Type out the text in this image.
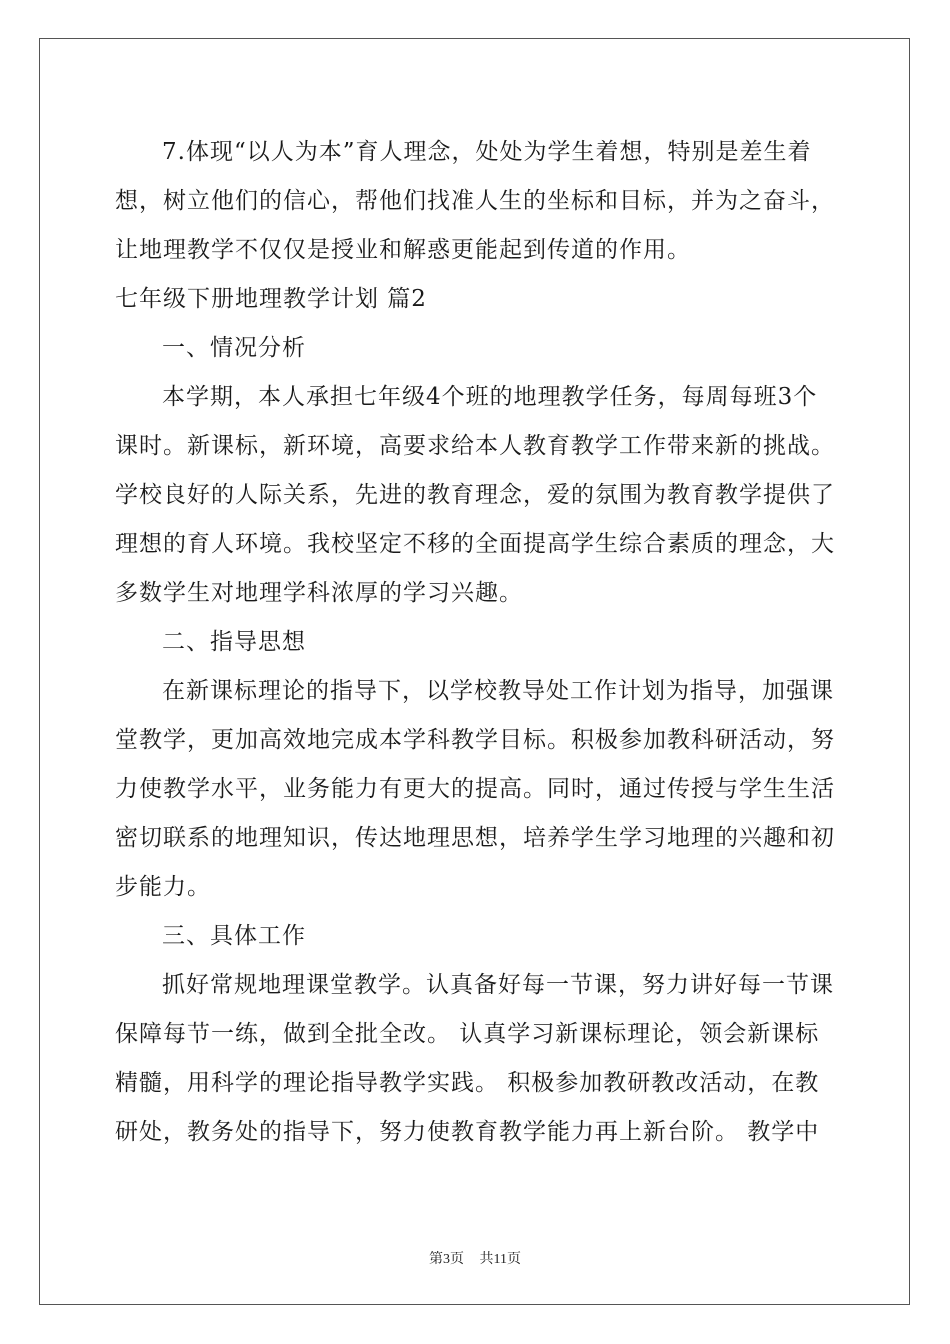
7.体现“以人为本”育人理念，处处为学生着想，特别是差生着
想，树立他们的信心，帮他们找准人生的坐标和目标，并为之奋斗，
让地理教学不仅仅是授业和解惑更能起到传道的作用。
七年级下册地理教学计划 篇2
一、情况分析
本学期，本人承担七年级4个班的地理教学任务，每周每班3个
课时。新课标，新环境，高要求给本人教育教学工作带来新的挑战。
学校良好的人际关系，先进的教育理念，爱的氛围为教育教学提供了
理想的育人环境。我校坚定不移的全面提高学生综合素质的理念，大
多数学生对地理学科浓厚的学习兴趣。
二、指导思想
在新课标理论的指导下，以学校教导处工作计划为指导，加强课
堂教学，更加高效地完成本学科教学目标。积极参加教科研活动，努
力使教学水平，业务能力有更大的提高。同时，通过传授与学生生活
密切联系的地理知识，传达地理思想，培养学生学习地理的兴趣和初
步能力。
三、具体工作
抓好常规地理课堂教学。认真备好每一节课，努力讲好每一节课
保障每节一练，做到全批全改。 认真学习新课标理论，领会新课标
精髓，用科学的理论指导教学实践。 积极参加教研教改活动，在教
研处，教务处的指导下，努力使教育教学能力再上新台阶。 教学中
第3页 共11页
